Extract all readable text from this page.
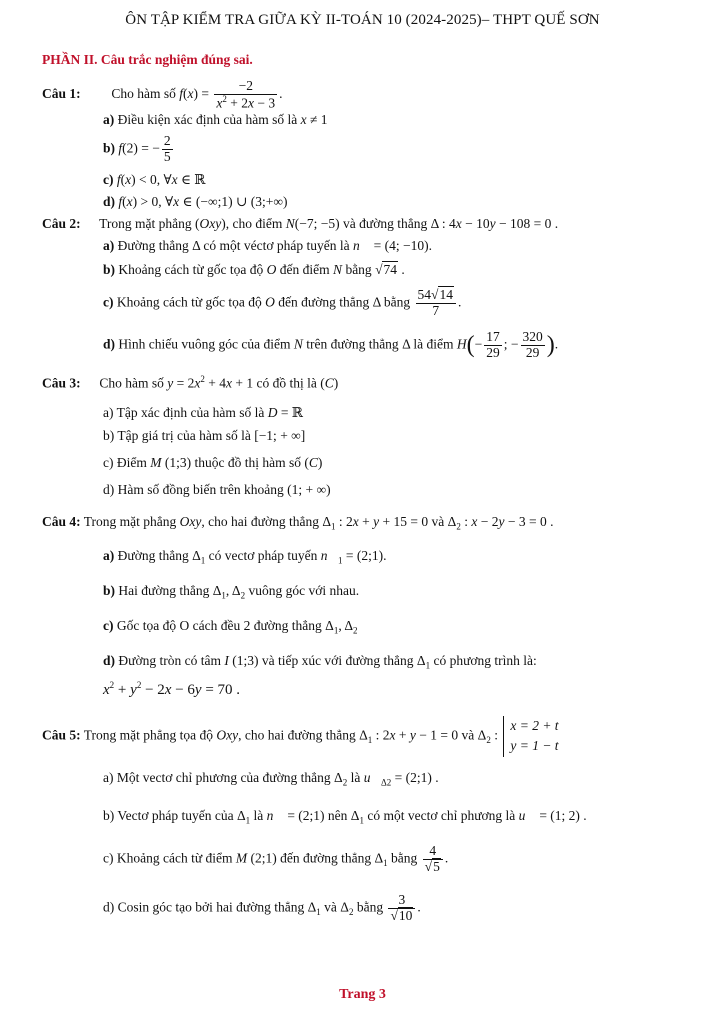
ÔN TẬP KIỂM TRA GIỮA KỲ II-TOÁN 10 (2024-2025)– THPT QUẾ SƠN
PHẦN II. Câu trắc nghiệm đúng sai.
Câu 1: Cho hàm số $f(x) = \frac{-2}{x^2 + 2x - 3}$ .
a) Điều kiện xác định của hàm số là x ≠ 1
b) f(2) = − $\frac{2}{5}$
c) f(x) < 0, ∀x ∈ ℝ
d) f(x) > 0, ∀x ∈ (−∞;1) ∪ (3;+∞)
Câu 2: Trong mặt phẳng (Oxy), cho điểm N(−7; −5) và đường thẳng Δ : 4x − 10y − 108 = 0 .
a) Đường thẳng Δ có một véctơ pháp tuyến là n⃗ = (4; −10).
b) Khoảng cách từ gốc tọa độ O đến điểm N bằng √74 .
c) Khoảng cách từ gốc tọa độ O đến đường thẳng Δ bằng $\frac{54√14}{7}$ .
d) Hình chiếu vuông góc của điểm N trên đường thẳng Δ là điểm $H(- \frac{17}{29}$ ; − $\frac{320}{29}$ ).
Câu 3: Cho hàm số $y = 2x^2 + 4x + 1$ có đồ thị là (C)
a) Tập xác định của hàm số là D = ℝ
b) Tập giá trị của hàm số là [−1; + ∞]
c) Điểm M (1;3) thuộc đồ thị hàm số (C)
d) Hàm số đồng biến trên khoảng (1; + ∞)
Câu 4: Trong mặt phẳng Oxy, cho hai đường thẳng $\Delta_1$ : 2x + y + 15 = 0 và $\Delta_2$ : x − 2y − 3 = 0 .
a) Đường thẳng $\Delta_1$ có vectơ pháp tuyến $n⃗_1$ = (2;1).
b) Hai đường thẳng $\Delta_1$, $\Delta_2$ vuông góc với nhau.
c) Gốc tọa độ O cách đều 2 đường thẳng $\Delta_1$, $\Delta_2$
d) Đường tròn có tâm I (1;3) và tiếp xúc với đường thẳng $\Delta_1$ có phương trình là:
$x^2 + y^2 - 2x - 6y = 70$ .
Câu 5: Trong mặt phẳng tọa độ Oxy, cho hai đường thẳng $\Delta_1$ : 2x + y − 1 = 0 và $\Delta_2$ :
x = 2 + t
y = 1 − t
a) Một vectơ chỉ phương của đường thẳng $\Delta_2$ là $u⃗_{\Delta 2}$ = (2;1) .
b) Vectơ pháp tuyến của $\Delta_1$ là n⃗ = (2;1) nên $\Delta_1$ có một vectơ chỉ phương là u⃗ = (1; 2) .
c) Khoảng cách từ điểm M (2;1) đến đường thẳng $\Delta_1$ bằng $\frac{4}{√5}$ .
d) Cosin góc tạo bởi hai đường thẳng $\Delta_1$ và $\Delta_2$ bằng $\frac{3}{√10}$ .
Trang 3
